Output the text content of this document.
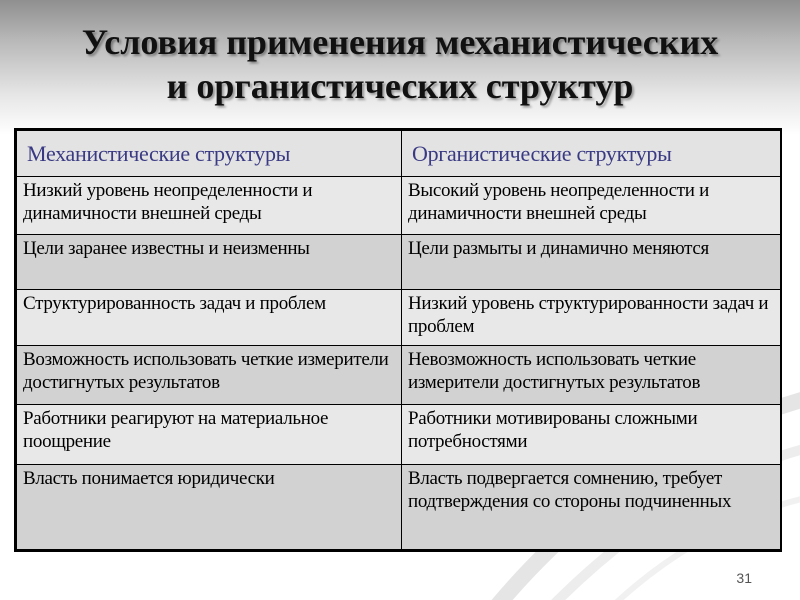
Условия применения механистических
и органистических структур
Механистические структуры	Органистические структуры
Низкий уровень неопределенности и динамичности внешней среды	Высокий уровень неопределенности и динамичности внешней среды
Цели заранее известны и неизменны	Цели размыты и динамично меняются
Структурированность задач и проблем	Низкий уровень структурированности задач и проблем
Возможность использовать четкие измерители достигнутых результатов	Невозможность использовать четкие измерители достигнутых результатов
Работники реагируют на материальное поощрение	Работники мотивированы сложными потребностями
Власть понимается юридически	Власть подвергается сомнению, требует подтверждения со стороны подчиненных
31
